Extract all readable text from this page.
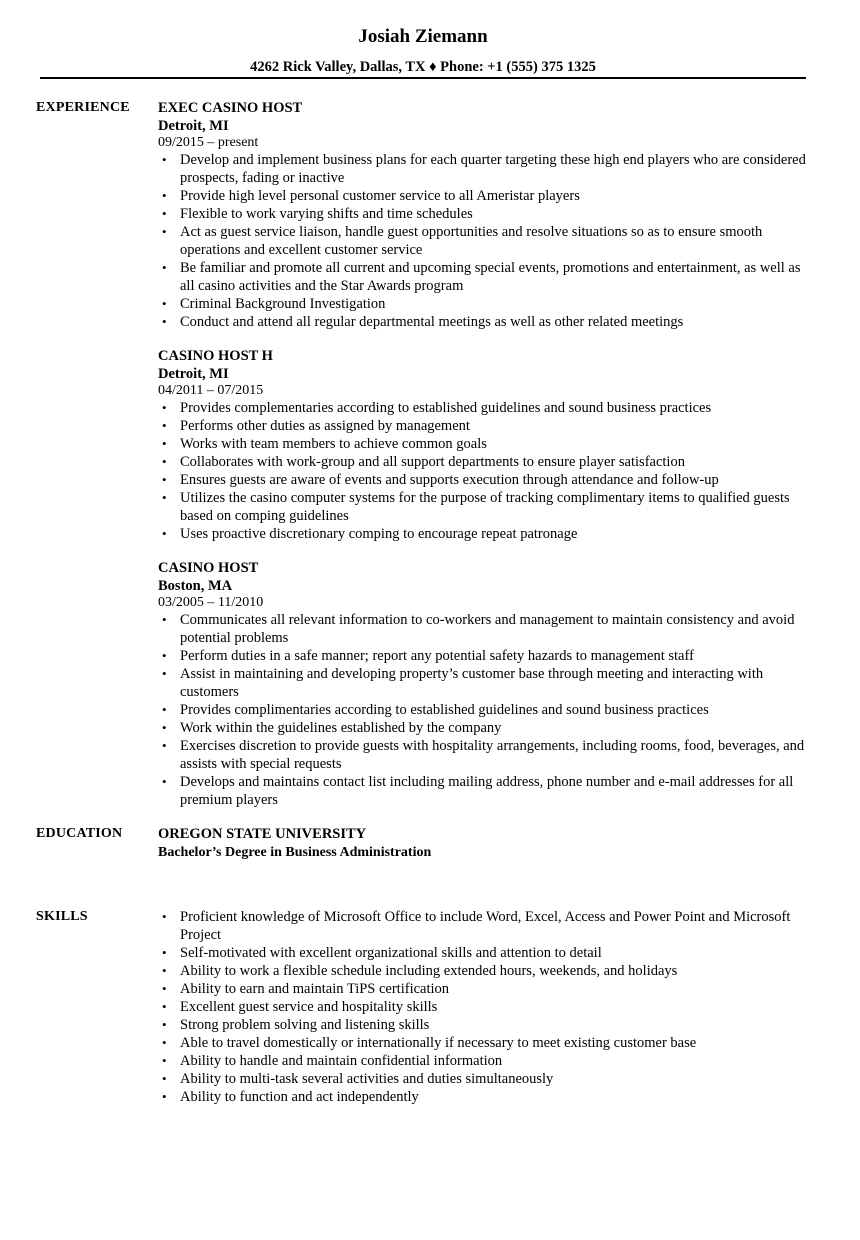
Josiah Ziemann
4262 Rick Valley, Dallas, TX ♦ Phone: +1 (555) 375 1325
EXPERIENCE EXEC CASINO HOST
Detroit, MI
09/2015 – present
• Develop and implement business plans for each quarter targeting these high end players who are considered prospects, fading or inactive
• Provide high level personal customer service to all Ameristar players
• Flexible to work varying shifts and time schedules
• Act as guest service liaison, handle guest opportunities and resolve situations so as to ensure smooth operations and excellent customer service
• Be familiar and promote all current and upcoming special events, promotions and entertainment, as well as all casino activities and the Star Awards program
• Criminal Background Investigation
• Conduct and attend all regular departmental meetings as well as other related meetings
CASINO HOST H
Detroit, MI
04/2011 – 07/2015
• Provides complementaries according to established guidelines and sound business practices
• Performs other duties as assigned by management
• Works with team members to achieve common goals
• Collaborates with work-group and all support departments to ensure player satisfaction
• Ensures guests are aware of events and supports execution through attendance and follow-up
• Utilizes the casino computer systems for the purpose of tracking complimentary items to qualified guests based on comping guidelines
• Uses proactive discretionary comping to encourage repeat patronage
CASINO HOST
Boston, MA
03/2005 – 11/2010
• Communicates all relevant information to co-workers and management to maintain consistency and avoid potential problems
• Perform duties in a safe manner; report any potential safety hazards to management staff
• Assist in maintaining and developing property’s customer base through meeting and interacting with customers
• Provides complimentaries according to established guidelines and sound business practices
• Work within the guidelines established by the company
• Exercises discretion to provide guests with hospitality arrangements, including rooms, food, beverages, and assists with special requests
• Develops and maintains contact list including mailing address, phone number and e-mail addresses for all premium players
EDUCATION OREGON STATE UNIVERSITY
Bachelor’s Degree in Business Administration
SKILLS	• Proficient knowledge of Microsoft Office to include Word, Excel, Access and Power Point and Microsoft Project
• Self-motivated with excellent organizational skills and attention to detail
• Ability to work a flexible schedule including extended hours, weekends, and holidays
• Ability to earn and maintain TiPS certification
• Excellent guest service and hospitality skills
• Strong problem solving and listening skills
• Able to travel domestically or internationally if necessary to meet existing customer base
• Ability to handle and maintain confidential information
• Ability to multi-task several activities and duties simultaneously
• Ability to function and act independently
